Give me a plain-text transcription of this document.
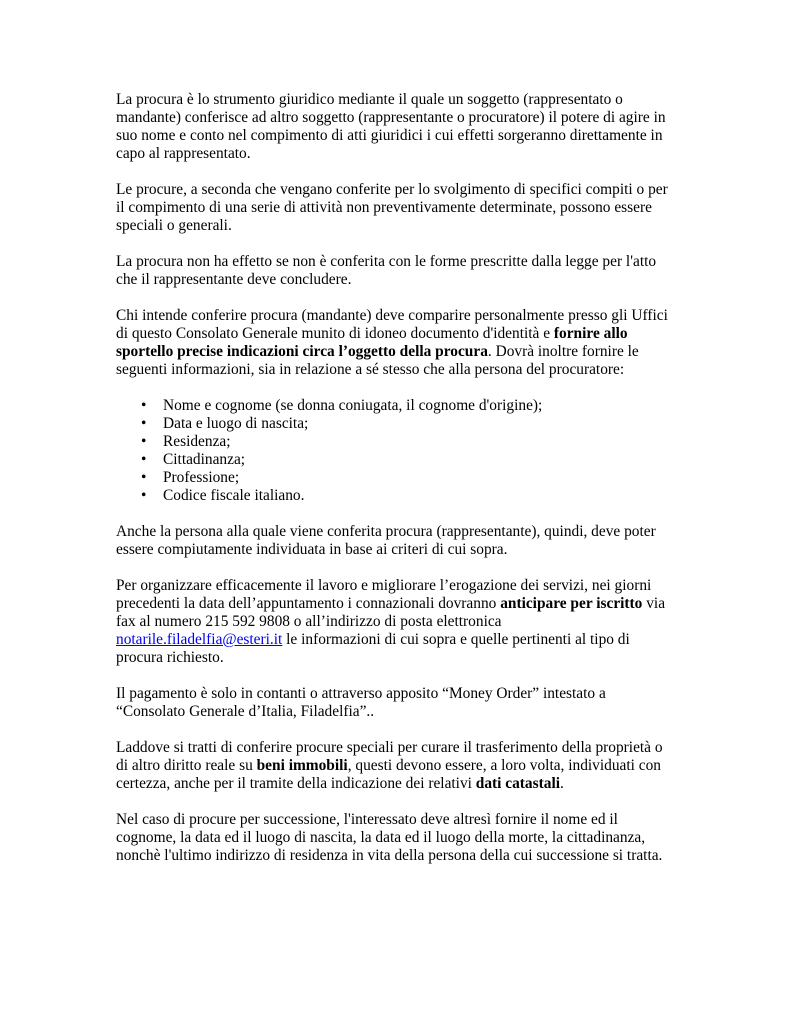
La procura è lo strumento giuridico mediante il quale un soggetto (rappresentato o mandante) conferisce ad altro soggetto (rappresentante o procuratore) il potere di agire in suo nome e conto nel compimento di atti giuridici i cui effetti sorgeranno direttamente in capo al rappresentato.

Le procure, a seconda che vengano conferite per lo svolgimento di specifici compiti o per il compimento di una serie di attività non preventivamente determinate, possono essere speciali o generali.

La procura non ha effetto se non è conferita con le forme prescritte dalla legge per l'atto che il rappresentante deve concludere.

Chi intende conferire procura (mandante) deve comparire personalmente presso gli Uffici di questo Consolato Generale munito di idoneo documento d'identità e fornire allo sportello precise indicazioni circa l’oggetto della procura. Dovrà inoltre fornire le seguenti informazioni, sia in relazione a sé stesso che alla persona del procuratore:

• Nome e cognome (se donna coniugata, il cognome d'origine);
• Data e luogo di nascita;
• Residenza;
• Cittadinanza;
• Professione;
• Codice fiscale italiano.

Anche la persona alla quale viene conferita procura (rappresentante), quindi, deve poter essere compiutamente individuata in base ai criteri di cui sopra.

Per organizzare efficacemente il lavoro e migliorare l’erogazione dei servizi, nei giorni precedenti la data dell’appuntamento i connazionali dovranno anticipare per iscritto via fax al numero 215 592 9808 o all’indirizzo di posta elettronica
notarile.filadelfia@esteri.it le informazioni di cui sopra e quelle pertinenti al tipo di procura richiesto.

Il pagamento è solo in contanti o attraverso apposito “Money Order” intestato a “Consolato Generale d’Italia, Filadelfia”..

Laddove si tratti di conferire procure speciali per curare il trasferimento della proprietà o di altro diritto reale su beni immobili, questi devono essere, a loro volta, individuati con certezza, anche per il tramite della indicazione dei relativi dati catastali.

Nel caso di procure per successione, l'interessato deve altresì fornire il nome ed il cognome, la data ed il luogo di nascita, la data ed il luogo della morte, la cittadinanza, nonchè l'ultimo indirizzo di residenza in vita della persona della cui successione si tratta.
